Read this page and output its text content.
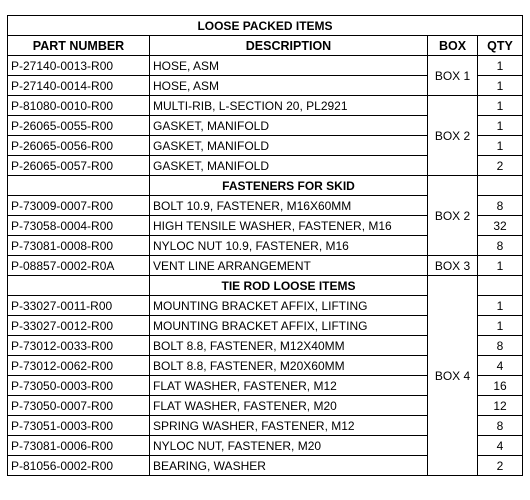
LOOSE PACKED ITEMS			
PART NUMBER	DESCRIPTION	BOX	QTY
P-27140-0013-R00	HOSE, ASM	BOX 1	1
P-27140-0014-R00	HOSE, ASM		1
P-81080-0010-R00	MULTI-RIB, L-SECTION 20, PL2921	BOX 2	1
P-26065-0055-R00	GASKET, MANIFOLD		1
P-26065-0056-R00	GASKET, MANIFOLD		1
P-26065-0057-R00	GASKET, MANIFOLD		2
	FASTENERS FOR SKID	BOX 2	
P-73009-0007-R00	BOLT 10.9, FASTENER, M16X60MM		8
P-73058-0004-R00	HIGH TENSILE WASHER, FASTENER, M16		32
P-73081-0008-R00	NYLOC NUT 10.9, FASTENER, M16		8
P-08857-0002-R0A	VENT LINE ARRANGEMENT	BOX 3	1
	TIE ROD LOOSE ITEMS	BOX 4	
P-33027-0011-R00	MOUNTING BRACKET AFFIX, LIFTING		1
P-33027-0012-R00	MOUNTING BRACKET AFFIX, LIFTING		1
P-73012-0033-R00	BOLT 8.8, FASTENER, M12X40MM		8
P-73012-0062-R00	BOLT 8.8, FASTENER, M20X60MM		4
P-73050-0003-R00	FLAT WASHER, FASTENER, M12		16
P-73050-0007-R00	FLAT WASHER, FASTENER, M20		12
P-73051-0003-R00	SPRING WASHER, FASTENER, M12		8
P-73081-0006-R00	NYLOC NUT, FASTENER, M20		4
P-81056-0002-R00	BEARING, WASHER		2
